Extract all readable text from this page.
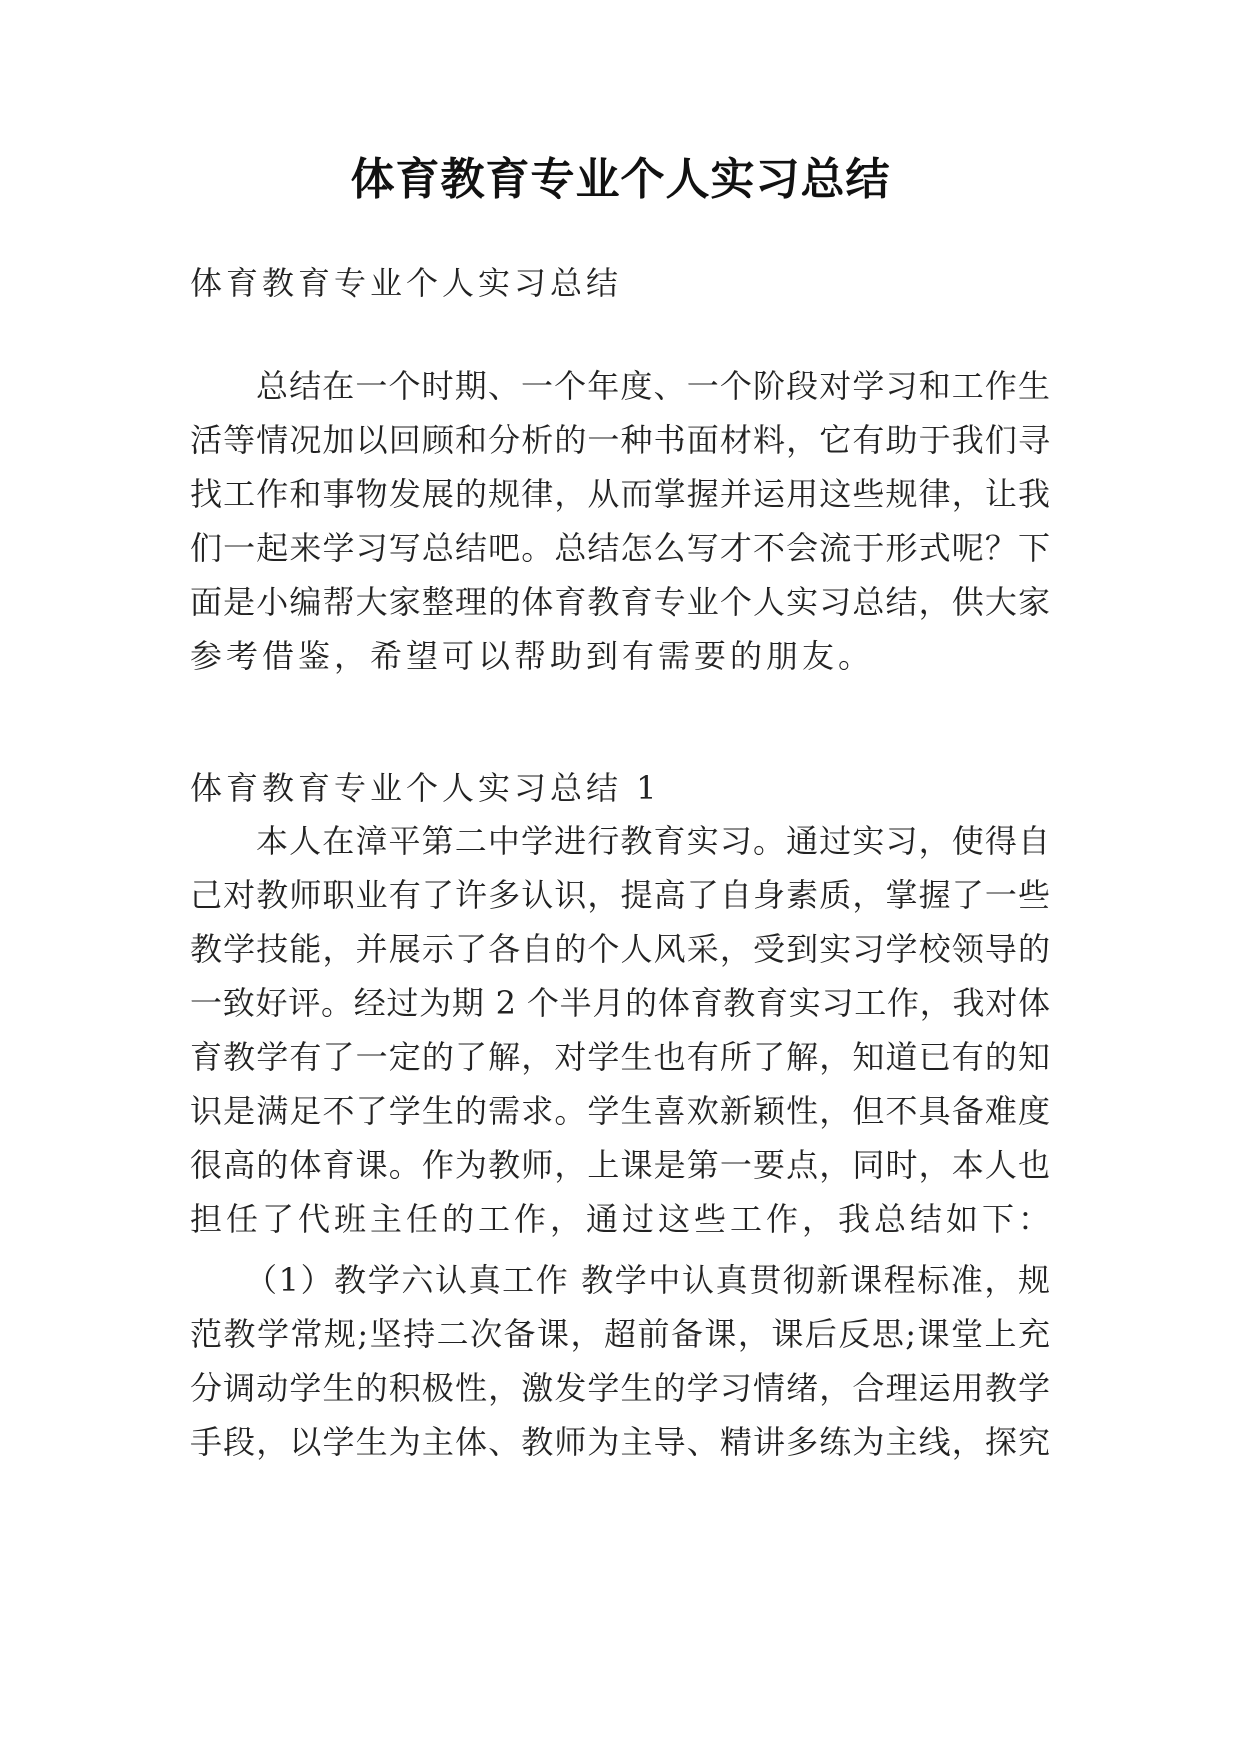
体育教育专业个人实习总结
体育教育专业个人实习总结
总结在一个时期、一个年度、一个阶段对学习和工作生
活等情况加以回顾和分析的一种书面材料，它有助于我们寻
找工作和事物发展的规律，从而掌握并运用这些规律，让我
们一起来学习写总结吧。总结怎么写才不会流于形式呢？下
面是小编帮大家整理的体育教育专业个人实习总结，供大家
参考借鉴，希望可以帮助到有需要的朋友。
体育教育专业个人实习总结 1
本人在漳平第二中学进行教育实习。通过实习，使得自
己对教师职业有了许多认识，提高了自身素质，掌握了一些
教学技能，并展示了各自的个人风采，受到实习学校领导的
一致好评。经过为期 2 个半月的体育教育实习工作，我对体
育教学有了一定的了解，对学生也有所了解，知道已有的知
识是满足不了学生的需求。学生喜欢新颖性，但不具备难度
很高的体育课。作为教师，上课是第一要点，同时，本人也
担任了代班主任的工作，通过这些工作，我总结如下：
（1）教学六认真工作 教学中认真贯彻新课程标准，规
范教学常规;坚持二次备课，超前备课，课后反思;课堂上充
分调动学生的积极性，激发学生的学习情绪，合理运用教学
手段，以学生为主体、教师为主导、精讲多练为主线，探究
